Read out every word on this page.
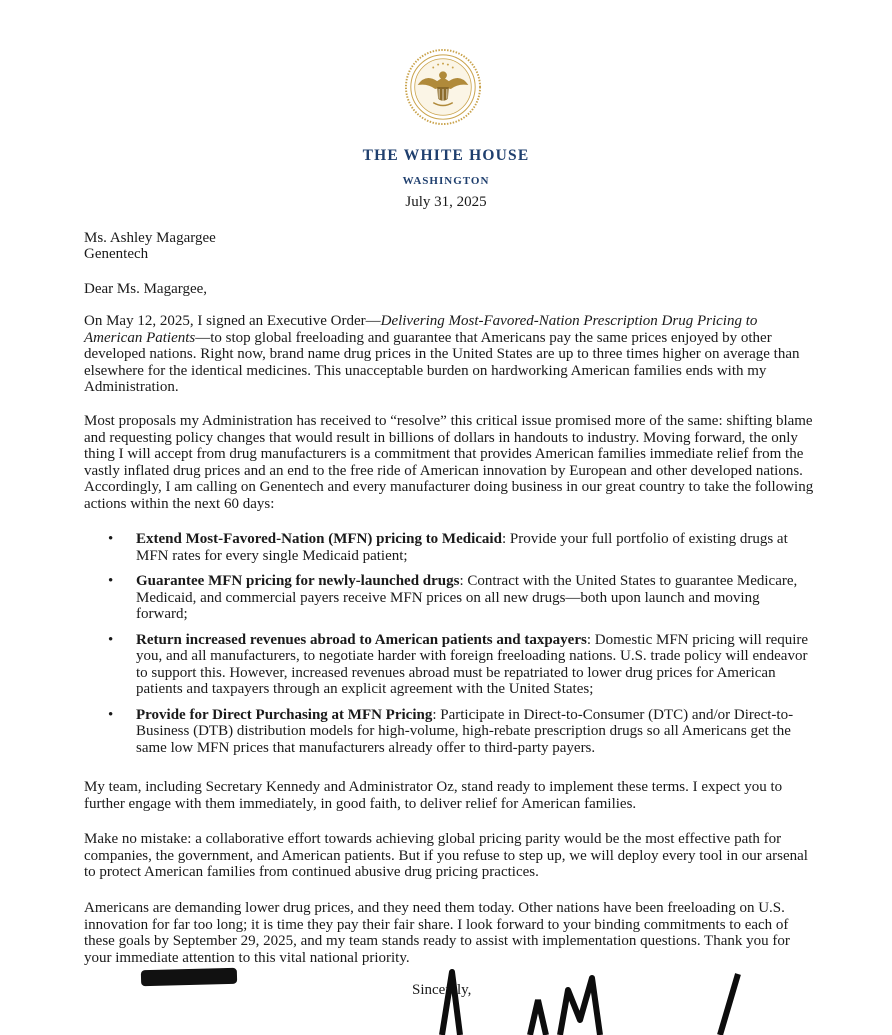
THE WHITE HOUSE
WASHINGTON
July 31, 2025
Ms. Ashley Magargee
Genentech
Dear Ms. Magargee,
On May 12, 2025, I signed an Executive Order—Delivering Most-Favored-Nation Prescription Drug Pricing to American Patients—to stop global freeloading and guarantee that Americans pay the same prices enjoyed by other developed nations. Right now, brand name drug prices in the United States are up to three times higher on average than elsewhere for the identical medicines. This unacceptable burden on hardworking American families ends with my Administration.
Most proposals my Administration has received to “resolve” this critical issue promised more of the same: shifting blame and requesting policy changes that would result in billions of dollars in handouts to industry. Moving forward, the only thing I will accept from drug manufacturers is a commitment that provides American families immediate relief from the vastly inflated drug prices and an end to the free ride of American innovation by European and other developed nations. Accordingly, I am calling on Genentech and every manufacturer doing business in our great country to take the following actions within the next 60 days:
• Extend Most-Favored-Nation (MFN) pricing to Medicaid: Provide your full portfolio of existing drugs at MFN rates for every single Medicaid patient;
• Guarantee MFN pricing for newly-launched drugs: Contract with the United States to guarantee Medicare, Medicaid, and commercial payers receive MFN prices on all new drugs—both upon launch and moving forward;
• Return increased revenues abroad to American patients and taxpayers: Domestic MFN pricing will require you, and all manufacturers, to negotiate harder with foreign freeloading nations. U.S. trade policy will endeavor to support this. However, increased revenues abroad must be repatriated to lower drug prices for American patients and taxpayers through an explicit agreement with the United States;
• Provide for Direct Purchasing at MFN Pricing: Participate in Direct-to-Consumer (DTC) and/or Direct-to-Business (DTB) distribution models for high-volume, high-rebate prescription drugs so all Americans get the same low MFN prices that manufacturers already offer to third-party payers.
My team, including Secretary Kennedy and Administrator Oz, stand ready to implement these terms. I expect you to further engage with them immediately, in good faith, to deliver relief for American families.
Make no mistake: a collaborative effort towards achieving global pricing parity would be the most effective path for companies, the government, and American patients. But if you refuse to step up, we will deploy every tool in our arsenal to protect American families from continued abusive drug pricing practices.
Americans are demanding lower drug prices, and they need them today. Other nations have been freeloading on U.S. innovation for far too long; it is time they pay their fair share. I look forward to your binding commitments to each of these goals by September 29, 2025, and my team stands ready to assist with implementation questions. Thank you for your immediate attention to this vital national priority.
Sincerely,
